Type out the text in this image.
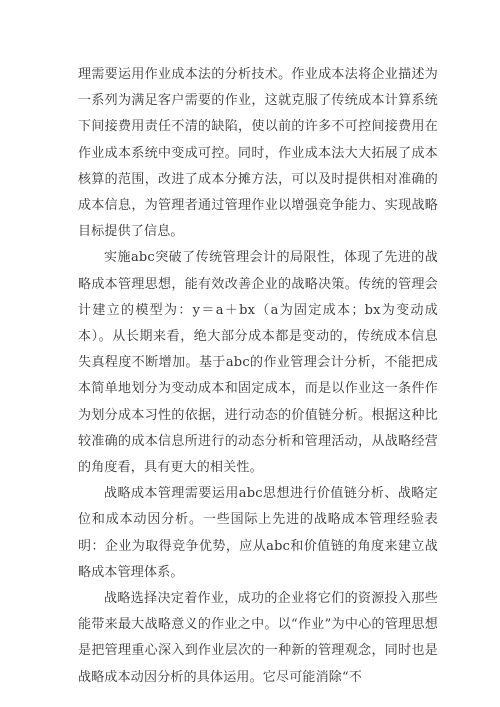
理需要运用作业成本法的分析技术。作业成本法将企业描述为一系列为满足客户需要的作业，这就克服了传统成本计算系统下间接费用责任不清的缺陷，使以前的许多不可控间接费用在作业成本系统中变成可控。同时，作业成本法大大拓展了成本核算的范围，改进了成本分摊方法，可以及时提供相对准确的成本信息，为管理者通过管理作业以增强竞争能力、实现战略目标提供了信息。

实施abc突破了传统管理会计的局限性，体现了先进的战略成本管理思想，能有效改善企业的战略决策。传统的管理会计建立的模型为：y＝a＋bx（a为固定成本；bx为变动成本）。从长期来看，绝大部分成本都是变动的，传统成本信息失真程度不断增加。基于abc的作业管理会计分析，不能把成本简单地划分为变动成本和固定成本，而是以作业这一条件作为划分成本习性的依据，进行动态的价值链分析。根据这种比较准确的成本信息所进行的动态分析和管理活动，从战略经营的角度看，具有更大的相关性。

战略成本管理需要运用abc思想进行价值链分析、战略定位和成本动因分析。一些国际上先进的战略成本管理经验表明：企业为取得竞争优势，应从abc和价值链的角度来建立战略成本管理体系。

战略选择决定着作业，成功的企业将它们的资源投入那些能带来最大战略意义的作业之中。以“作业”为中心的管理思想是把管理重心深入到作业层次的一种新的管理观念，同时也是战略成本动因分析的具体运用。它尽可能消除“不
